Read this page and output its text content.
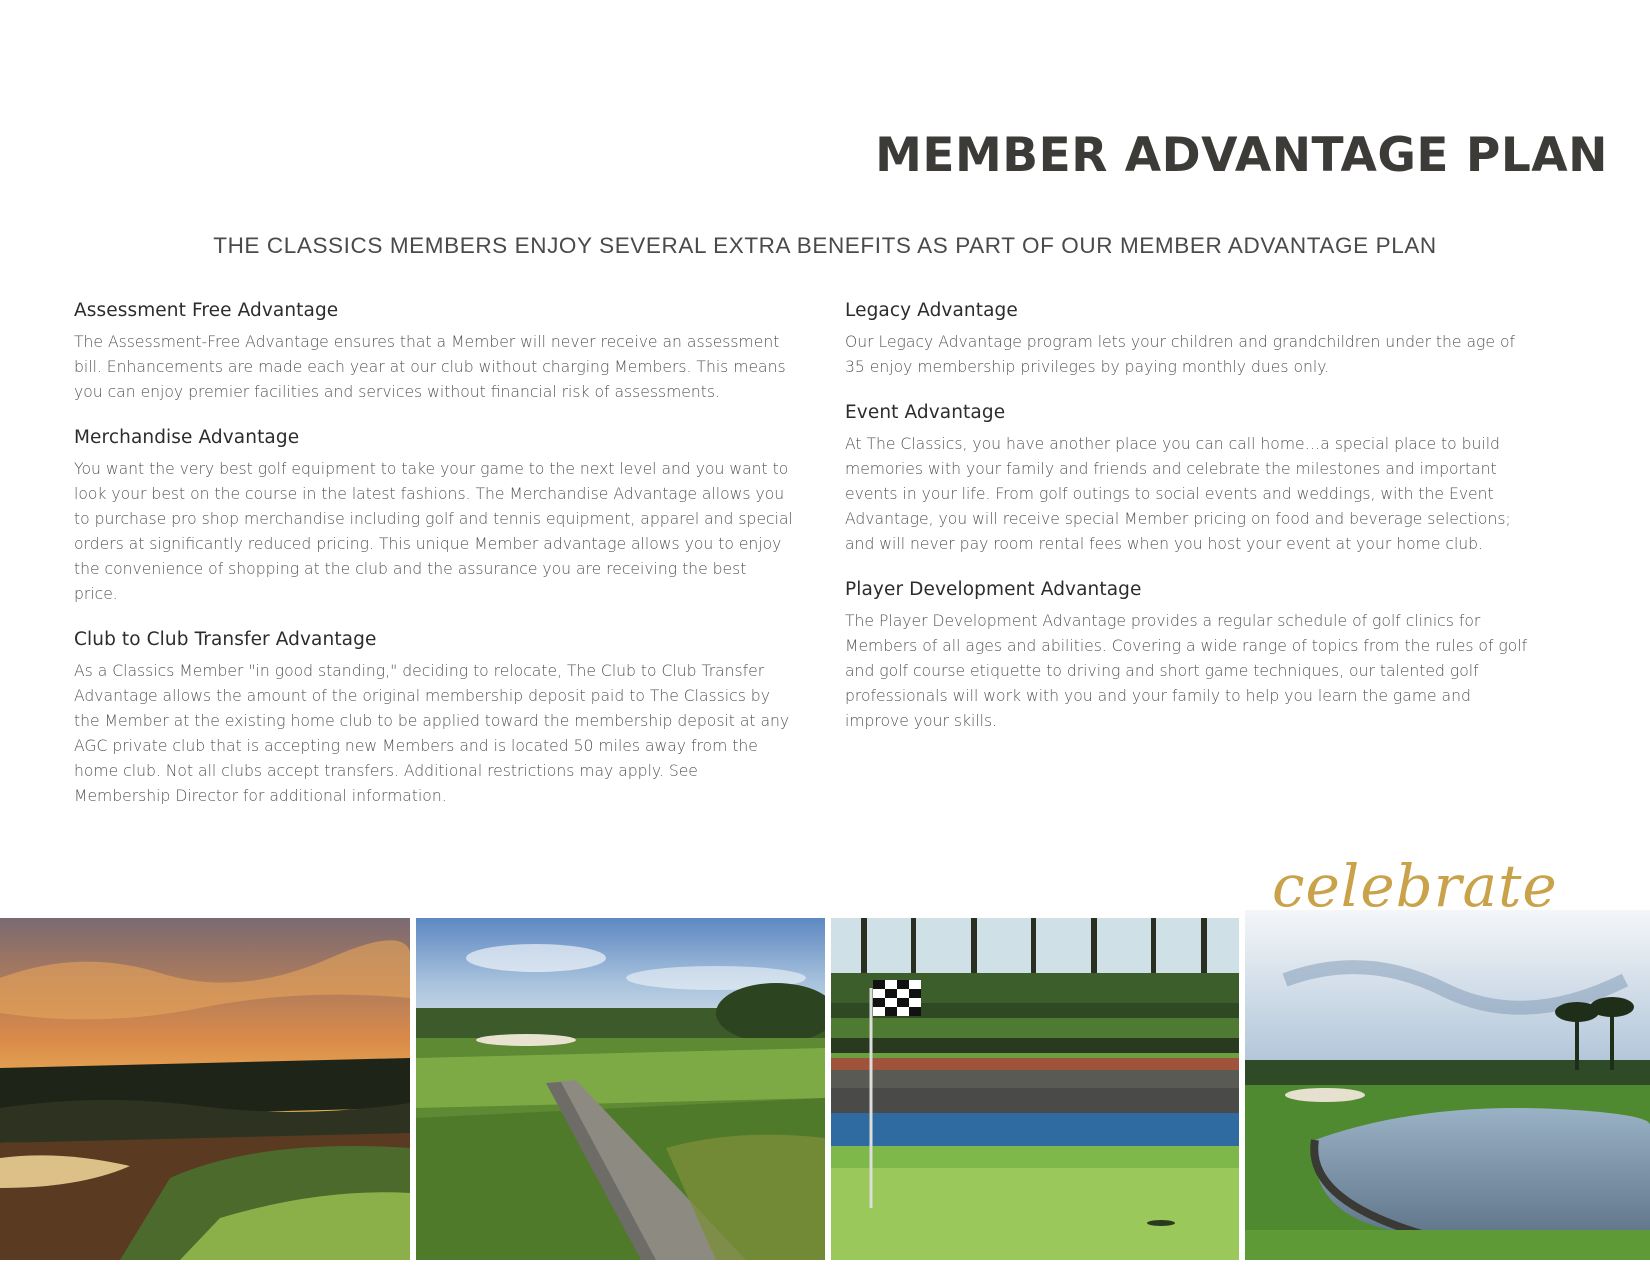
MEMBER ADVANTAGE PLAN
THE CLASSICS MEMBERS ENJOY SEVERAL EXTRA BENEFITS AS PART OF OUR MEMBER ADVANTAGE PLAN
Assessment Free Advantage

The Assessment-Free Advantage ensures that a Member will never receive an assessment bill. Enhancements are made each year at our club without charging Members. This means you can enjoy premier facilities and services without financial risk of assessments.

Merchandise Advantage

You want the very best golf equipment to take your game to the next level and you want to look your best on the course in the latest fashions. The Merchandise Advantage allows you to purchase pro shop merchandise including golf and tennis equipment, apparel and special orders at significantly reduced pricing. This unique Member advantage allows you to enjoy the convenience of shopping at the club and the assurance you are receiving the best price.

Club to Club Transfer Advantage

As a Classics Member "in good standing," deciding to relocate, The Club to Club Transfer Advantage allows the amount of the original membership deposit paid to The Classics by the Member at the existing home club to be applied toward the membership deposit at any AGC private club that is accepting new Members and is located 50 miles away from the home club. Not all clubs accept transfers. Additional restrictions may apply. See Membership Director for additional information.

Legacy Advantage

Our Legacy Advantage program lets your children and grandchildren under the age of 35 enjoy membership privileges by paying monthly dues only.

Event Advantage

At The Classics, you have another place you can call home…a special place to build memories with your family and friends and celebrate the milestones and important events in your life. From golf outings to social events and weddings, with the Event Advantage, you will receive special Member pricing on food and beverage selections; and will never pay room rental fees when you host your event at your home club.

Player Development Advantage

The Player Development Advantage provides a regular schedule of golf clinics for Members of all ages and abilities. Covering a wide range of topics from the rules of golf and golf course etiquette to driving and short game techniques, our talented golf professionals will work with you and your family to help you learn the game and improve your skills.

celebrate
